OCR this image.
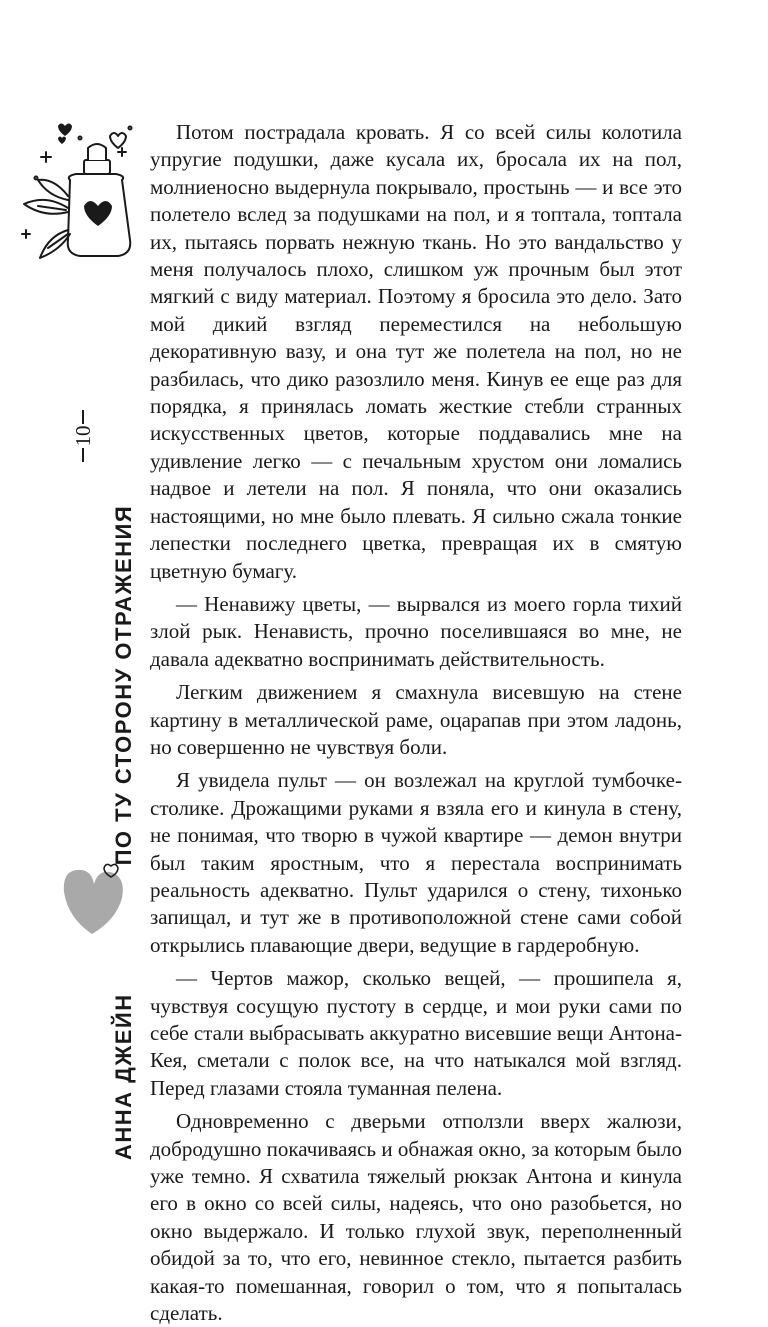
10
АННА ДЖЕЙН
ПО ТУ СТОРОНУ ОТРАЖЕНИЯ

Потом пострадала кровать. Я со всей силы колотила упругие подушки, даже кусала их, бросала их на пол, молниеносно выдернула покрывало, простынь — и все это полетело вслед за подушками на пол, и я топтала, топтала их, пытаясь порвать нежную ткань. Но это вандальство у меня получалось плохо, слишком уж прочным был этот мягкий с виду материал. Поэтому я бросила это дело. Зато мой дикий взгляд переместился на небольшую декоративную вазу, и она тут же полетела на пол, но не разбилась, что дико разозлило меня. Кинув ее еще раз для порядка, я принялась ломать жесткие стебли странных искусственных цветов, которые поддавались мне на удивление легко — с печальным хрустом они ломались надвое и летели на пол. Я поняла, что они оказались настоящими, но мне было плевать. Я сильно сжала тонкие лепестки последнего цветка, превращая их в смятую цветную бумагу.

— Ненавижу цветы, — вырвался из моего горла тихий злой рык. Ненависть, прочно поселившаяся во мне, не давала адекватно воспринимать действительность.

Легким движением я смахнула висевшую на стене картину в металлической раме, оцарапав при этом ладонь, но совершенно не чувствуя боли.

Я увидела пульт — он возлежал на круглой тумбочке-столике. Дрожащими руками я взяла его и кинула в стену, не понимая, что творю в чужой квартире — демон внутри был таким яростным, что я перестала воспринимать реальность адекватно. Пульт ударился о стену, тихонько запищал, и тут же в противоположной стене сами собой открылись плавающие двери, ведущие в гардеробную.

— Чертов мажор, сколько вещей, — прошипела я, чувствуя сосущую пустоту в сердце, и мои руки сами по себе стали выбрасывать аккуратно висевшие вещи Антона-Кея, сметали с полок все, на что натыкался мой взгляд. Перед глазами стояла туманная пелена.

Одновременно с дверьми отползли вверх жалюзи, добродушно покачиваясь и обнажая окно, за которым было уже темно. Я схватила тяжелый рюкзак Антона и кинула его в окно со всей силы, надеясь, что оно разобьется, но окно выдержало. И только глухой звук, переполненный обидой за то, что его, невинное стекло, пытается разбить какая-то помешанная, говорил о том, что я попыталась сделать.
